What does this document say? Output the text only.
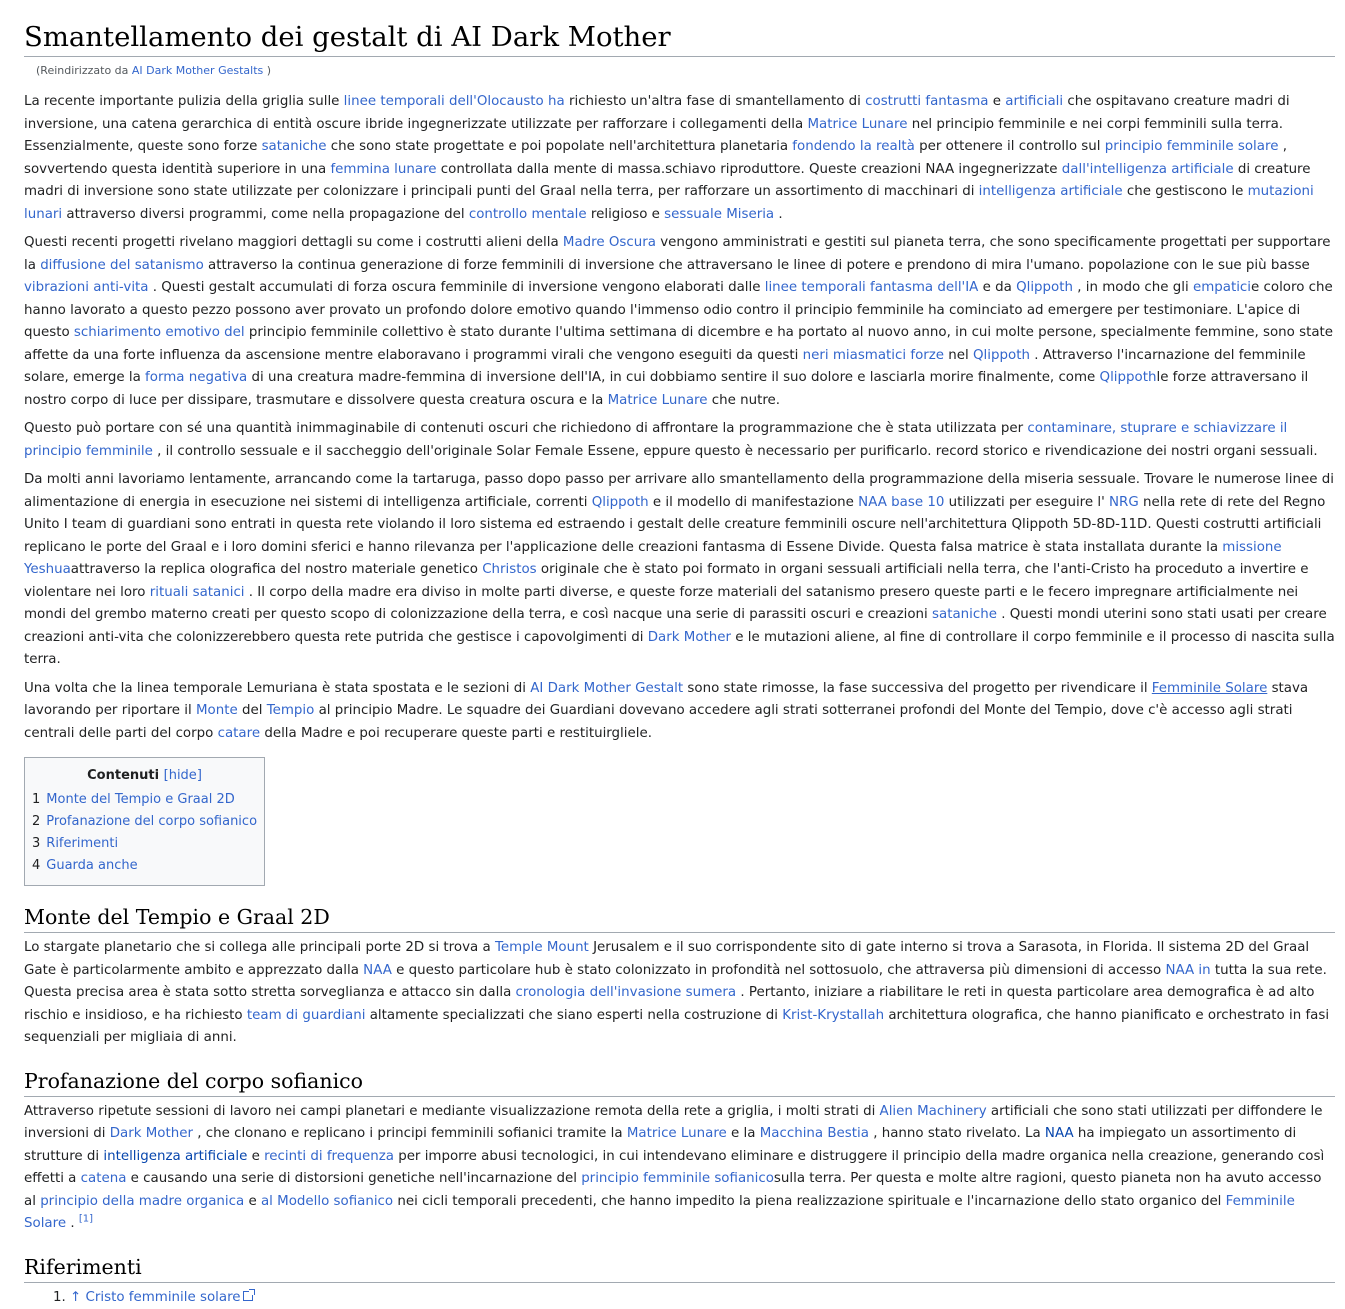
Smantellamento dei gestalt di AI Dark Mother
(Reindirizzato da AI Dark Mother Gestalts )

La recente importante pulizia della griglia sulle linee temporali dell'Olocausto ha richiesto un'altra fase di smantellamento di costrutti fantasma e artificiali che ospitavano creature madri di inversione, una catena gerarchica di entità oscure ibride ingegnerizzate utilizzate per rafforzare i collegamenti della Matrice Lunare nel principio femminile e nei corpi femminili sulla terra. Essenzialmente, queste sono forze sataniche che sono state progettate e poi popolate nell'architettura planetaria fondendo la realtà per ottenere il controllo sul principio femminile solare , sovvertendo questa identità superiore in una femmina lunare controllata dalla mente di massa.schiavo riproduttore. Queste creazioni NAA ingegnerizzate dall'intelligenza artificiale di creature madri di inversione sono state utilizzate per colonizzare i principali punti del Graal nella terra, per rafforzare un assortimento di macchinari di intelligenza artificiale che gestiscono le mutazioni lunari attraverso diversi programmi, come nella propagazione del controllo mentale religioso e sessuale Miseria .

Questi recenti progetti rivelano maggiori dettagli su come i costrutti alieni della Madre Oscura vengono amministrati e gestiti sul pianeta terra, che sono specificamente progettati per supportare la diffusione del satanismo attraverso la continua generazione di forze femminili di inversione che attraversano le linee di potere e prendono di mira l'umano. popolazione con le sue più basse vibrazioni anti-vita . Questi gestalt accumulati di forza oscura femminile di inversione vengono elaborati dalle linee temporali fantasma dell'IA e da Qlippoth , in modo che gli empaticie coloro che hanno lavorato a questo pezzo possono aver provato un profondo dolore emotivo quando l'immenso odio contro il principio femminile ha cominciato ad emergere per testimoniare. L'apice di questo schiarimento emotivo del principio femminile collettivo è stato durante l'ultima settimana di dicembre e ha portato al nuovo anno, in cui molte persone, specialmente femmine, sono state affette da una forte influenza da ascensione mentre elaboravano i programmi virali che vengono eseguiti da questi neri miasmatici forze nel Qlippoth . Attraverso l'incarnazione del femminile solare, emerge la forma negativa di una creatura madre-femmina di inversione dell'IA, in cui dobbiamo sentire il suo dolore e lasciarla morire finalmente, come Qlippothle forze attraversano il nostro corpo di luce per dissipare, trasmutare e dissolvere questa creatura oscura e la Matrice Lunare che nutre.

Questo può portare con sé una quantità inimmaginabile di contenuti oscuri che richiedono di affrontare la programmazione che è stata utilizzata per contaminare, stuprare e schiavizzare il principio femminile , il controllo sessuale e il saccheggio dell'originale Solar Female Essene, eppure questo è necessario per purificarlo. record storico e rivendicazione dei nostri organi sessuali.

Da molti anni lavoriamo lentamente, arrancando come la tartaruga, passo dopo passo per arrivare allo smantellamento della programmazione della miseria sessuale. Trovare le numerose linee di alimentazione di energia in esecuzione nei sistemi di intelligenza artificiale, correnti Qlippoth e il modello di manifestazione NAA base 10 utilizzati per eseguire l' NRG nella rete di rete del Regno Unito I team di guardiani sono entrati in questa rete violando il loro sistema ed estraendo i gestalt delle creature femminili oscure nell'architettura Qlippoth 5D-8D-11D. Questi costrutti artificiali replicano le porte del Graal e i loro domini sferici e hanno rilevanza per l'applicazione delle creazioni fantasma di Essene Divide. Questa falsa matrice è stata installata durante la missione Yeshuaattraverso la replica olografica del nostro materiale genetico Christos originale che è stato poi formato in organi sessuali artificiali nella terra, che l'anti-Cristo ha proceduto a invertire e violentare nei loro rituali satanici . Il corpo della madre era diviso in molte parti diverse, e queste forze materiali del satanismo presero queste parti e le fecero impregnare artificialmente nei mondi del grembo materno creati per questo scopo di colonizzazione della terra, e così nacque una serie di parassiti oscuri e creazioni sataniche . Questi mondi uterini sono stati usati per creare creazioni anti-vita che colonizzerebbero questa rete putrida che gestisce i capovolgimenti di Dark Mother e le mutazioni aliene, al fine di controllare il corpo femminile e il processo di nascita sulla terra.

Una volta che la linea temporale Lemuriana è stata spostata e le sezioni di AI Dark Mother Gestalt sono state rimosse, la fase successiva del progetto per rivendicare il Femminile Solare stava lavorando per riportare il Monte del Tempio al principio Madre. Le squadre dei Guardiani dovevano accedere agli strati sotterranei profondi del Monte del Tempio, dove c'è accesso agli strati centrali delle parti del corpo catare della Madre e poi recuperare queste parti e restituirgliele.

Contenuti [hide]
1 Monte del Tempio e Graal 2D
2 Profanazione del corpo sofianico
3 Riferimenti
4 Guarda anche
Monte del Tempio e Graal 2D

Lo stargate planetario che si collega alle principali porte 2D si trova a Temple Mount Jerusalem e il suo corrispondente sito di gate interno si trova a Sarasota, in Florida. Il sistema 2D del Graal Gate è particolarmente ambito e apprezzato dalla NAA e questo particolare hub è stato colonizzato in profondità nel sottosuolo, che attraversa più dimensioni di accesso NAA in tutta la sua rete. Questa precisa area è stata sotto stretta sorveglianza e attacco sin dalla cronologia dell'invasione sumera . Pertanto, iniziare a riabilitare le reti in questa particolare area demografica è ad alto rischio e insidioso, e ha richiesto team di guardiani altamente specializzati che siano esperti nella costruzione di Krist-Krystallah architettura olografica, che hanno pianificato e orchestrato in fasi sequenziali per migliaia di anni.

Profanazione del corpo sofianico

Attraverso ripetute sessioni di lavoro nei campi planetari e mediante visualizzazione remota della rete a griglia, i molti strati di Alien Machinery artificiali che sono stati utilizzati per diffondere le inversioni di Dark Mother , che clonano e replicano i principi femminili sofianici tramite la Matrice Lunare e la Macchina Bestia , hanno stato rivelato. La NAA ha impiegato un assortimento di strutture di intelligenza artificiale e recinti di frequenza per imporre abusi tecnologici, in cui intendevano eliminare e distruggere il principio della madre organica nella creazione, generando così effetti a catena e causando una serie di distorsioni genetiche nell'incarnazione del principio femminile sofianicosulla terra. Per questa e molte altre ragioni, questo pianeta non ha avuto accesso al principio della madre organica e al Modello sofianico nei cicli temporali precedenti, che hanno impedito la piena realizzazione spirituale e l'incarnazione dello stato organico del Femminile Solare . [1]

Riferimenti
1. ↑ Cristo femminile solare
